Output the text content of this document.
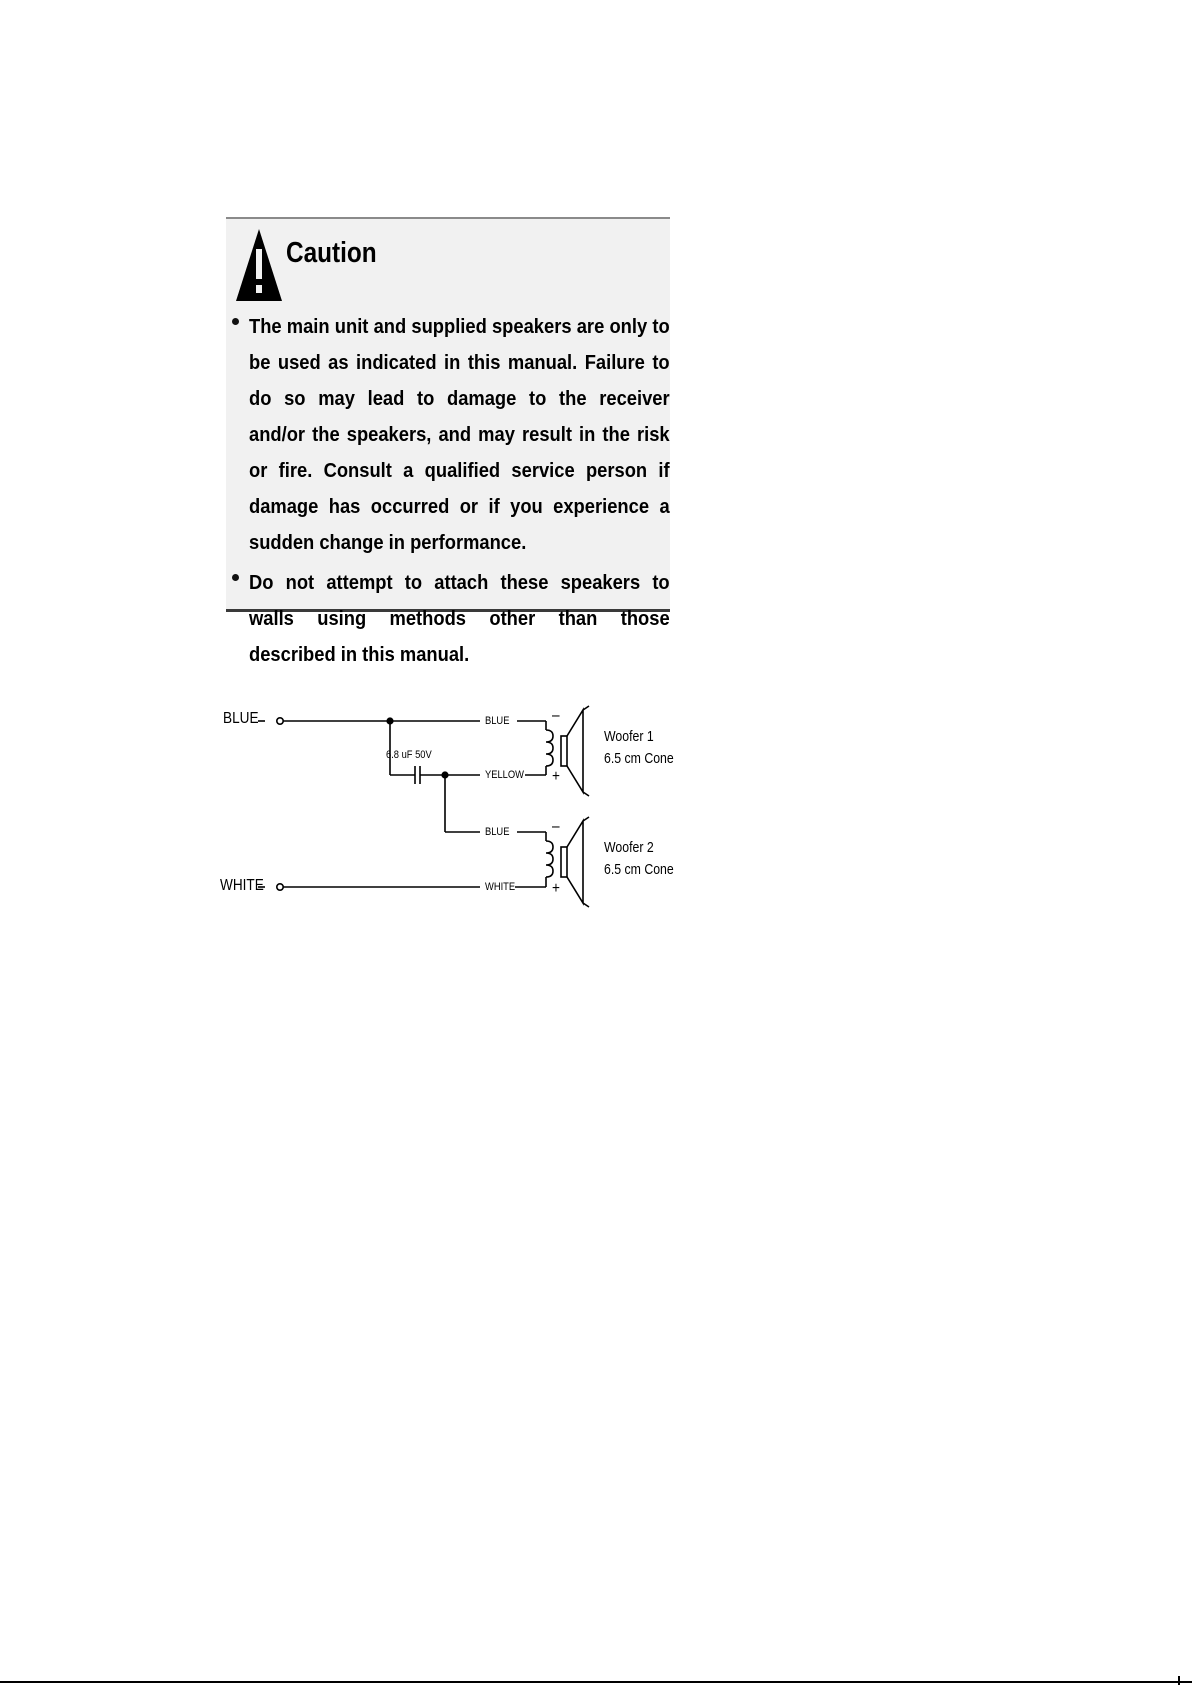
Caution
The main unit and supplied speakers are only to be used as indicated in this manual. Failure to do so may lead to damage to the receiver and/or the speakers, and may result in the risk or fire. Consult a qualified service person if damage has occurred or if you experience a sudden change in performance.
Do not attempt to attach these speakers to walls using methods other than those described in this manual.
BLUE
WHITE
6.8 uF 50V
BLUE
YELLOW
BLUE
WHITE
–
+
–
+
Woofer 1
6.5 cm Cone
Woofer 2
6.5 cm Cone
